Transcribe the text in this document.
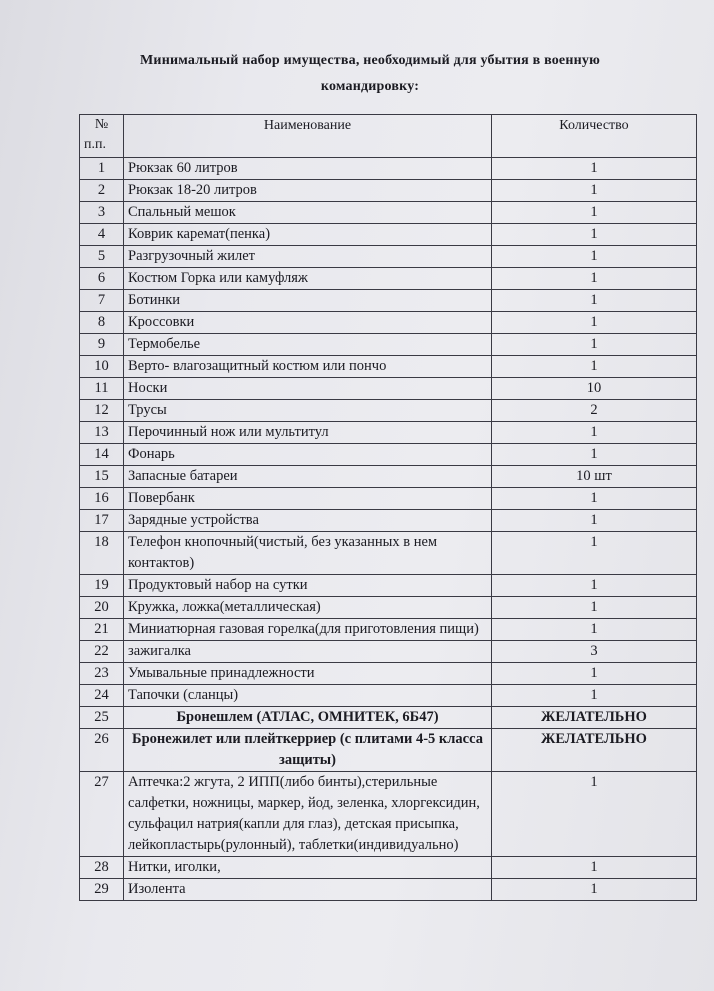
Минимальный набор имущества, необходимый для убытия в военную
командировку:
№
п.п.	Наименование	Количество
1	Рюкзак 60 литров	1
2	Рюкзак 18-20 литров	1
3	Спальный мешок	1
4	Коврик каремат(пенка)	1
5	Разгрузочный жилет	1
6	Костюм Горка или камуфляж	1
7	Ботинки	1
8	Кроссовки	1
9	Термобелье	1
10	Верто- влагозащитный костюм или пончо	1
11	Носки	10
12	Трусы	2
13	Перочинный нож или мультитул	1
14	Фонарь	1
15	Запасные батареи	10 шт
16	Повербанк	1
17	Зарядные устройства	1
18	Телефон кнопочный(чистый, без указанных в нем контактов)	1
19	Продуктовый набор на сутки	1
20	Кружка, ложка(металлическая)	1
21	Миниатюрная газовая горелка(для приготовления пищи)	1
22	зажигалка	3
23	Умывальные принадлежности	1
24	Тапочки (сланцы)	1
25	Бронешлем (АТЛАС, ОМНИТЕК, 6Б47)	ЖЕЛАТЕЛЬНО
26	Бронежилет или плейткерриер (с плитами 4-5 класса защиты)	ЖЕЛАТЕЛЬНО
27	Аптечка:2 жгута, 2 ИПП(либо бинты),стерильные салфетки, ножницы, маркер, йод, зеленка, хлоргексидин, сульфацил натрия(капли для глаз), детская присыпка, лейкопластырь(рулонный), таблетки(индивидуально)	1
28	Нитки, иголки,	1
29	Изолента	1
